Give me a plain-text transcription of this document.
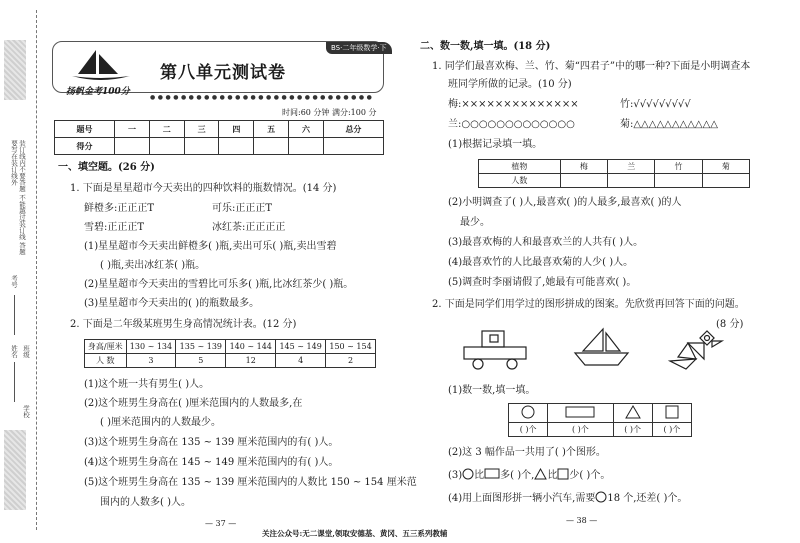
装订线内不要答题 不能越过装订线 答题要写在装订线外
考号
姓名 班级
学校
第八单元测试卷
BS·二年级数学·下
扬帆金考100分
●●●●●●●●●●●●●●●●●●●●●●●●●●●●●
时间:60 分钟 满分:100 分
题号	一	二	三	四	五	六	总分
得分							
一、填空题。(26 分)
1. 下面是星星超市今天卖出的四种饮料的瓶数情况。(14 分)
鲜橙多:正正正T	可乐:正正正T
雪碧:正正正T	冰红茶:正正正正
(1)星星超市今天卖出鲜橙多( )瓶,卖出可乐( )瓶,卖出雪碧
( )瓶,卖出冰红茶( )瓶。
(2)星星超市今天卖出的雪碧比可乐多( )瓶,比冰红茶少( )瓶。
(3)星星超市今天卖出的( )的瓶数最多。
2. 下面是二年级某班男生身高情况统计表。(12 分)
身高/厘米	130 ~ 134	135 ~ 139	140 ~ 144	145 ~ 149	150 ~ 154
人 数	3	5	12	4	2
(1)这个班一共有男生( )人。
(2)这个班男生身高在( )厘米范围内的人数最多,在
( )厘米范围内的人数最少。
(3)这个班男生身高在 135 ~ 139 厘米范围内的有( )人。
(4)这个班男生身高在 145 ~ 149 厘米范围内的有( )人。
(5)这个班男生身高在 135 ~ 139 厘米范围内的人数比 150 ~ 154 厘米范
围内的人数多( )人。
— 37 —
二、数一数,填一填。(18 分)
1. 同学们最喜欢梅、兰、竹、菊“四君子”中的哪一种?下面是小明调查本
班同学所做的记录。(10 分)
梅:××××××××××××××	竹:√√√√√√√√√
兰:○○○○○○○○○○○○○	菊:△△△△△△△△△△△
(1)根据记录填一填。
植物	梅	兰	竹	菊
人数				
(2)小明调查了( )人,最喜欢( )的人最多,最喜欢( )的人
最少。
(3)最喜欢梅的人和最喜欢兰的人共有( )人。
(4)最喜欢竹的人比最喜欢菊的人少( )人。
(5)调查时李丽请假了,她最有可能喜欢( )。
2. 下面是同学们用学过的图形拼成的图案。先欣赏再回答下面的问题。
(8 分)
(1)数一数,填一填。

( )个	( )个	( )个	( )个
(2)这 3 幅作品一共用了( )个图形。
(3) 比 多( )个, 比 少( )个。
(4)用上面图形拼一辆小汽车,需要 18 个,还差( )个。
— 38 —
关注公众号:无二课堂,领取安德基、黄冈、五三系列教辅
